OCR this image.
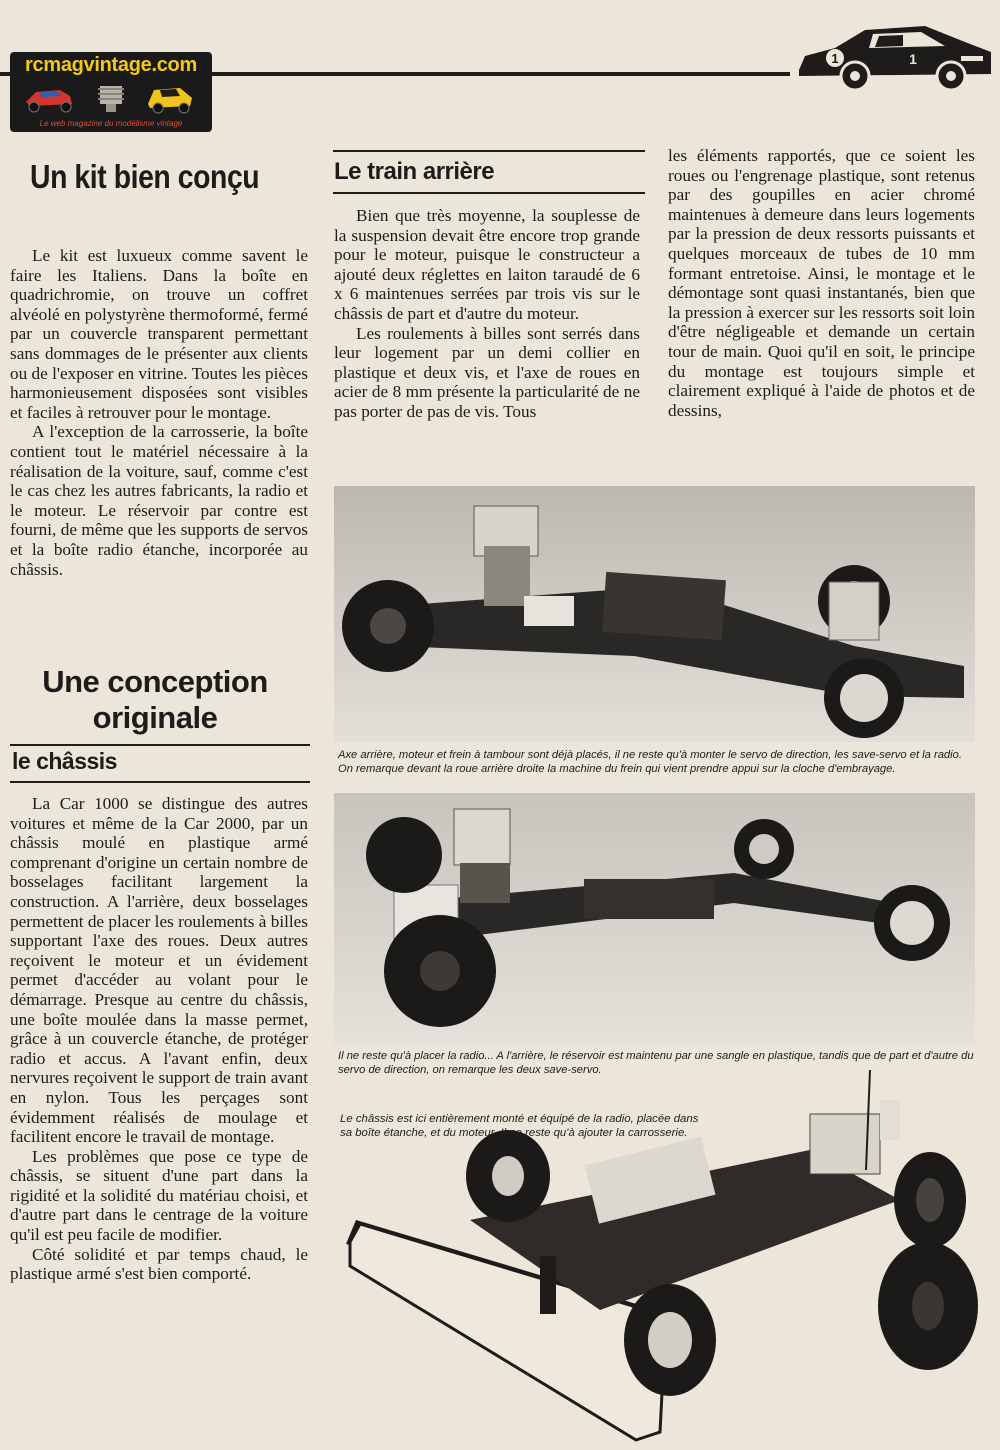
rcmagvintage.com
Le web magazine du modélisme vintage
1	1
Un kit bien conçu

Le kit est luxueux comme savent le faire les Italiens. Dans la boîte en quadrichromie, on trouve un coffret alvéolé en polystyrène thermoformé, fermé par un couvercle transparent permettant sans dommages de le présenter aux clients ou de l'exposer en vitrine. Toutes les pièces harmonieusement disposées sont visibles et faciles à retrouver pour le montage.

A l'exception de la carrosserie, la boîte contient tout le matériel nécessaire à la réalisation de la voiture, sauf, comme c'est le cas chez les autres fabricants, la radio et le moteur. Le réservoir par contre est fourni, de même que les supports de servos et la boîte radio étanche, incorporée au châssis.

Une conception originale
le châssis

La Car 1000 se distingue des autres voitures et même de la Car 2000, par un châssis moulé en plastique armé comprenant d'origine un certain nombre de bosselages facilitant largement la construction. A l'arrière, deux bosselages permettent de placer les roulements à billes supportant l'axe des roues. Deux autres reçoivent le moteur et un évidement permet d'accéder au volant pour le démarrage. Presque au centre du châssis, une boîte moulée dans la masse permet, grâce à un couvercle étanche, de protéger radio et accus. A l'avant enfin, deux nervures reçoivent le support de train avant en nylon. Tous les perçages sont évidemment réalisés de moulage et facilitent encore le travail de montage.

Les problèmes que pose ce type de châssis, se situent d'une part dans la rigidité et la solidité du matériau choisi, et d'autre part dans le centrage de la voiture qu'il est peu facile de modifier.

Côté solidité et par temps chaud, le plastique armé s'est bien comporté.

Le train arrière

Bien que très moyenne, la souplesse de la suspension devait être encore trop grande pour le moteur, puisque le constructeur a ajouté deux réglettes en laiton taraudé de 6 x 6 maintenues serrées par trois vis sur le châssis de part et d'autre du moteur.

Les roulements à billes sont serrés dans leur logement par un demi collier en plastique et deux vis, et l'axe de roues en acier de 8 mm présente la particularité de ne pas porter de pas de vis. Tous

les éléments rapportés, que ce soient les roues ou l'engrenage plastique, sont retenus par des goupilles en acier chromé maintenues à demeure dans leurs logements par la pression de deux ressorts puissants et quelques morceaux de tubes de 10 mm formant entretoise. Ainsi, le montage et le démontage sont quasi instantanés, bien que la pression à exercer sur les ressorts soit loin d'être négligeable et demande un certain tour de main. Quoi qu'il en soit, le principe du montage est toujours simple et clairement expliqué à l'aide de photos et de dessins,

Axe arrière, moteur et frein à tambour sont déjà placés, il ne reste qu'à monter le servo de direction, les save-servo et la radio. On remarque devant la roue arrière droite la machine du frein qui vient prendre appui sur la cloche d'embrayage.

Il ne reste qu'à placer la radio... A l'arrière, le réservoir est maintenu par une sangle en plastique, tandis que de part et d'autre du servo de direction, on remarque les deux save-servo.

Le châssis est ici entièrement monté et équipé de la radio, placée dans sa boîte étanche, et du moteur. Il ne reste qu'à ajouter la carrosserie.
